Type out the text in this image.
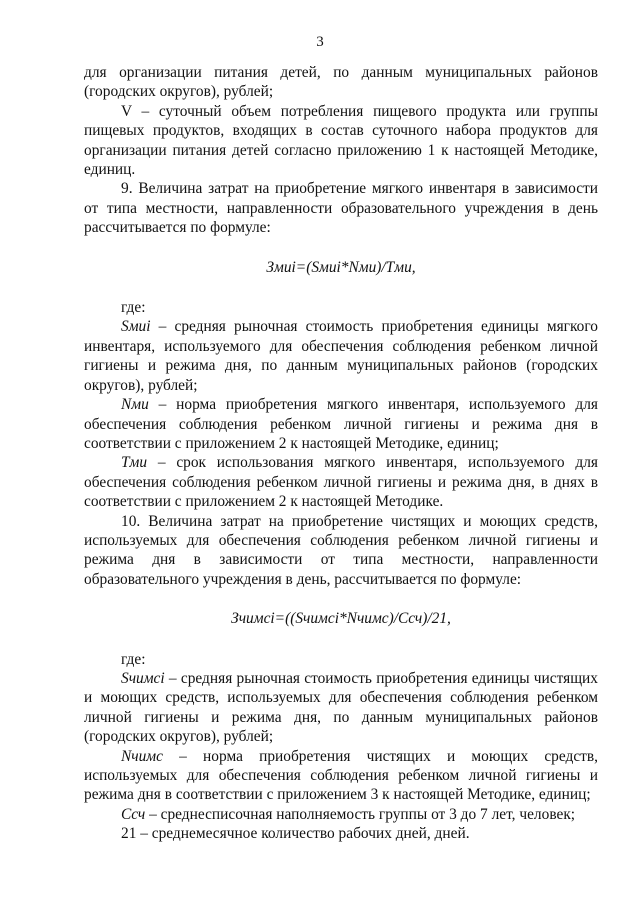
3

для организации питания детей, по данным муниципальных районов (городских округов), рублей;

V – суточный объем потребления пищевого продукта или группы пищевых продуктов, входящих в состав суточного набора продуктов для организации питания детей согласно приложению 1 к настоящей Методике, единиц.

9. Величина затрат на приобретение мягкого инвентаря в зависимости от типа местности, направленности образовательного учреждения в день рассчитывается по формуле:

Змиi=(Sмиi*Nми)/Tми,

где:

Sмиi – средняя рыночная стоимость приобретения единицы мягкого инвентаря, используемого для обеспечения соблюдения ребенком личной гигиены и режима дня, по данным муниципальных районов (городских округов), рублей;

Nми – норма приобретения мягкого инвентаря, используемого для обеспечения соблюдения ребенком личной гигиены и режима дня в соответствии с приложением 2 к настоящей Методике, единиц;

Tми – срок использования мягкого инвентаря, используемого для обеспечения соблюдения ребенком личной гигиены и режима дня, в днях в соответствии с приложением 2 к настоящей Методике.

10. Величина затрат на приобретение чистящих и моющих средств, используемых для обеспечения соблюдения ребенком личной гигиены и режима дня в зависимости от типа местности, направленности образовательного учреждения в день, рассчитывается по формуле:

Зчимсi=((Sчимсi*Nчимс)/Cсч)/21,

где:

Sчимсi – средняя рыночная стоимость приобретения единицы чистящих и моющих средств, используемых для обеспечения соблюдения ребенком личной гигиены и режима дня, по данным муниципальных районов (городских округов), рублей;

Nчимс – норма приобретения чистящих и моющих средств, используемых для обеспечения соблюдения ребенком личной гигиены и режима дня в соответствии с приложением 3 к настоящей Методике, единиц;

Cсч – среднесписочная наполняемость группы от 3 до 7 лет, человек;

21 – среднемесячное количество рабочих дней, дней.
